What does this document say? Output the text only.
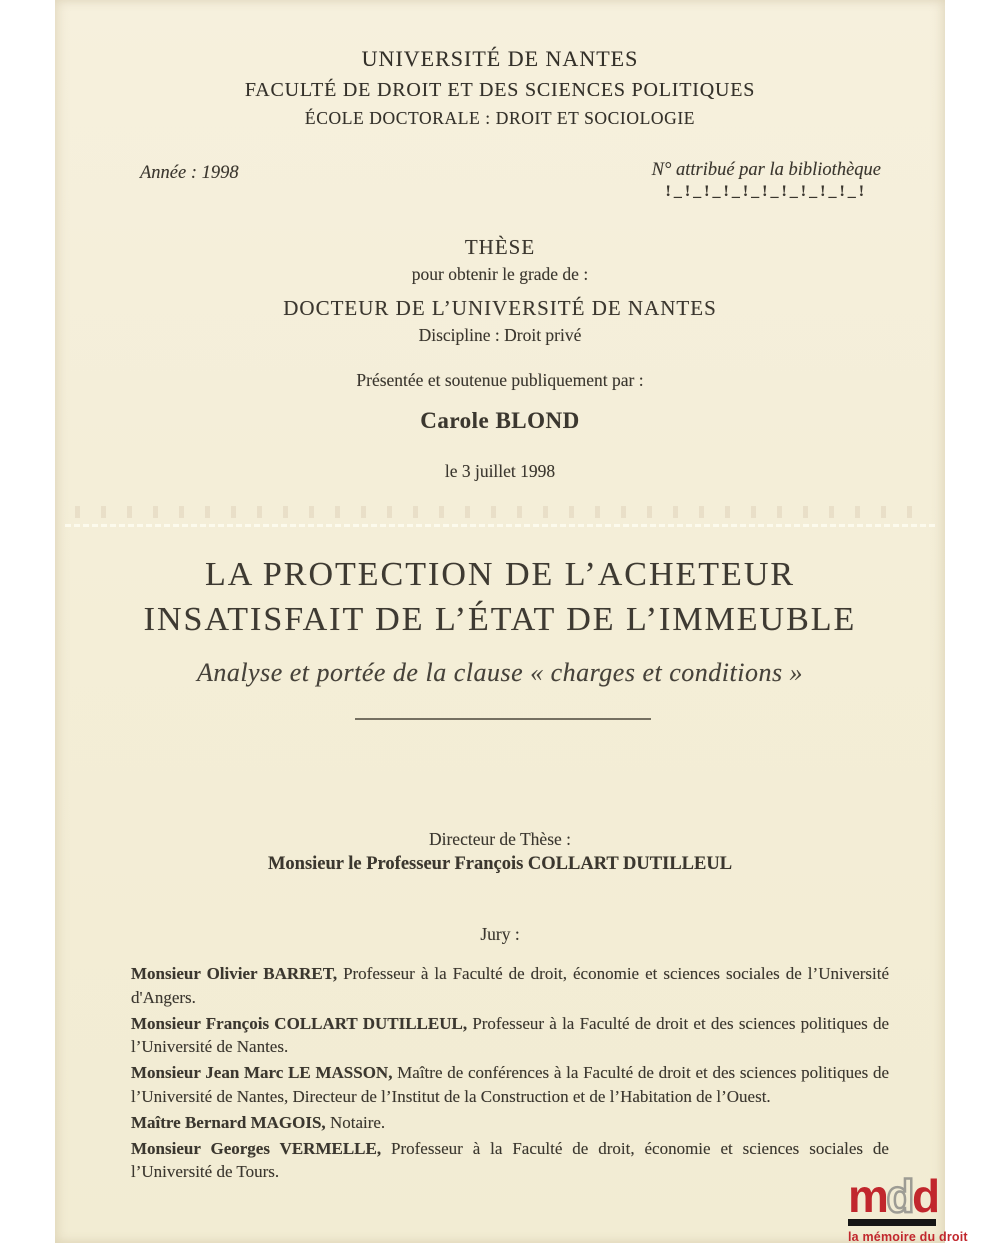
UNIVERSITÉ DE NANTES
FACULTÉ DE DROIT ET DES SCIENCES POLITIQUES
ÉCOLE DOCTORALE : DROIT ET SOCIOLOGIE
Année : 1998	N° attribué par la bibliothèque
!_!_!_!_!_!_!_!_!_!_!
THÈSE
pour obtenir le grade de :
DOCTEUR DE L’UNIVERSITÉ DE NANTES
Discipline : Droit privé
Présentée et soutenue publiquement par :
Carole BLOND
le 3 juillet 1998
LA PROTECTION DE L’ACHETEUR
INSATISFAIT DE L’ÉTAT DE L’IMMEUBLE
Analyse et portée de la clause « charges et conditions »
Directeur de Thèse :
Monsieur le Professeur François COLLART DUTILLEUL
Jury :

Monsieur Olivier BARRET, Professeur à la Faculté de droit, économie et sciences sociales de l’Université d'Angers.

Monsieur François COLLART DUTILLEUL, Professeur à la Faculté de droit et des sciences politiques de l’Université de Nantes.

Monsieur Jean Marc LE MASSON, Maître de conférences à la Faculté de droit et des sciences politiques de l’Université de Nantes, Directeur de l’Institut de la Construction et de l’Habitation de l’Ouest.

Maître Bernard MAGOIS, Notaire.

Monsieur Georges VERMELLE, Professeur à la Faculté de droit, économie et sciences sociales de l’Université de Tours.	mdd
la mémoire du droit
